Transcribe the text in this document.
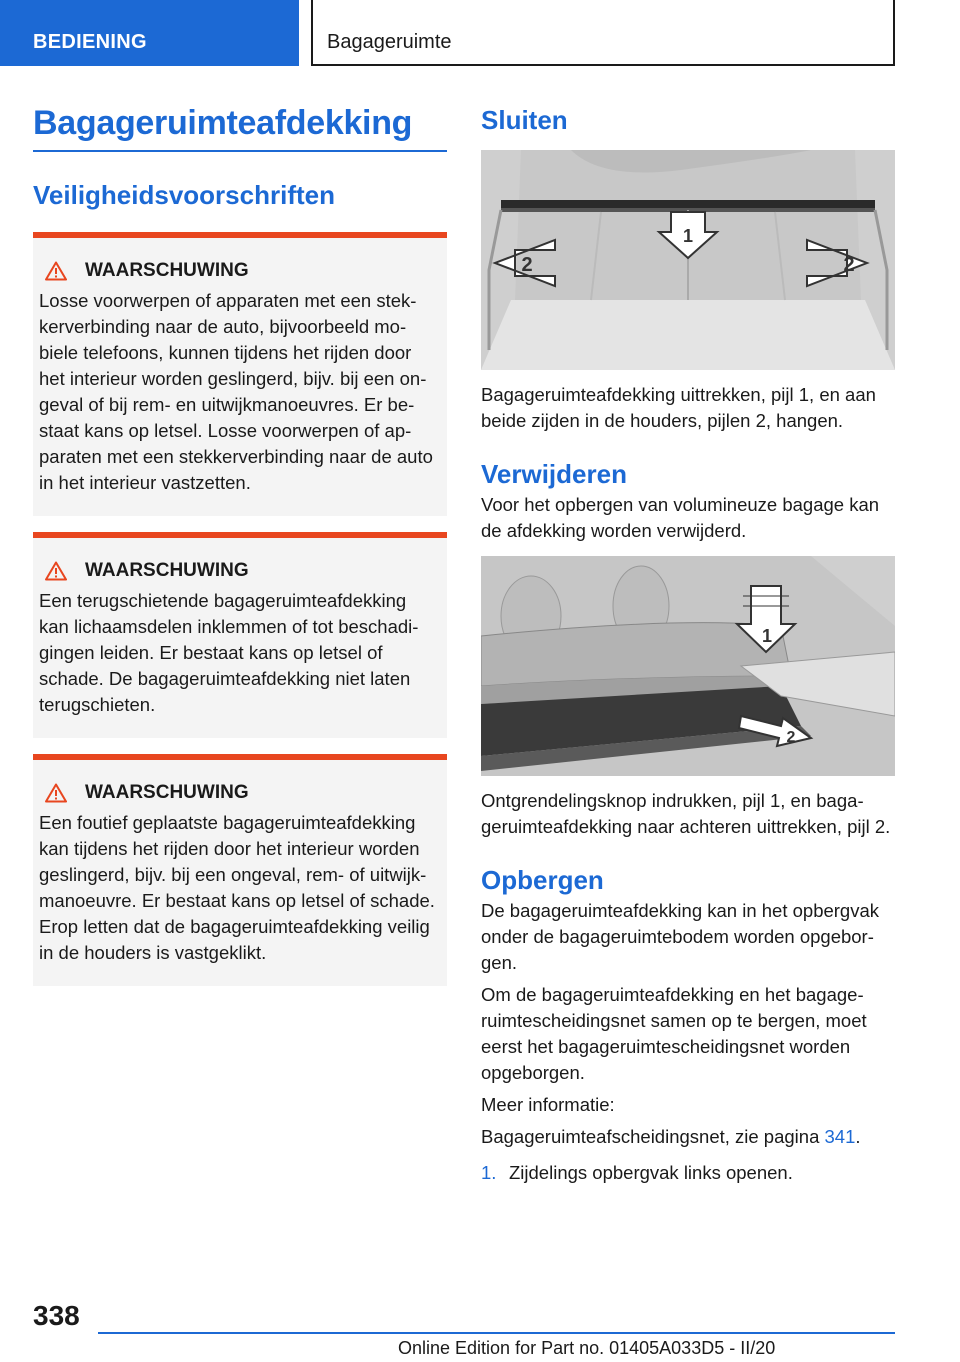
BEDIENING	Bagageruimte
Bagageruimteafdekking
Veiligheidsvoorschriften
WAARSCHUWING
Losse voorwerpen of apparaten met een stekkerverbinding naar de auto, bijvoorbeeld mobiele telefoons, kunnen tijdens het rijden door het interieur worden geslingerd, bijv. bij een ongeval of bij rem- en uitwijkmanoeuvres. Er bestaat kans op letsel. Losse voorwerpen of apparaten met een stekkerverbinding naar de auto in het interieur vastzetten.
WAARSCHUWING
Een terugschietende bagageruimteafdekking kan lichaamsdelen inklemmen of tot beschadigingen leiden. Er bestaat kans op letsel of schade. De bagageruimteafdekking niet laten terugschieten.
WAARSCHUWING
Een foutief geplaatste bagageruimteafdekking kan tijdens het rijden door het interieur worden geslingerd, bijv. bij een ongeval, rem- of uitwijkmanoeuvre. Er bestaat kans op letsel of schade. Erop letten dat de bagageruimteafdekking veilig in de houders is vastgeklikt.
Sluiten
1
2	2
Bagageruimteafdekking uittrekken, pijl 1, en aan beide zijden in de houders, pijlen 2, hangen.
Verwijderen
Voor het opbergen van volumineuze bagage kan de afdekking worden verwijderd.
1
2
Ontgrendelingsknop indrukken, pijl 1, en bagageruimteafdekking naar achteren uittrekken, pijl 2.
Opbergen
De bagageruimteafdekking kan in het opbergvak onder de bagageruimtebodem worden opgeborgen.
Om de bagageruimteafdekking en het bagageruimtescheidingsnet samen op te bergen, moet eerst het bagageruimtescheidingsnet worden opgeborgen.
Meer informatie:
Bagageruimteafscheidingsnet, zie pagina 341.
1. Zijdelings opbergvak links openen.
338
Online Edition for Part no. 01405A033D5 - II/20
